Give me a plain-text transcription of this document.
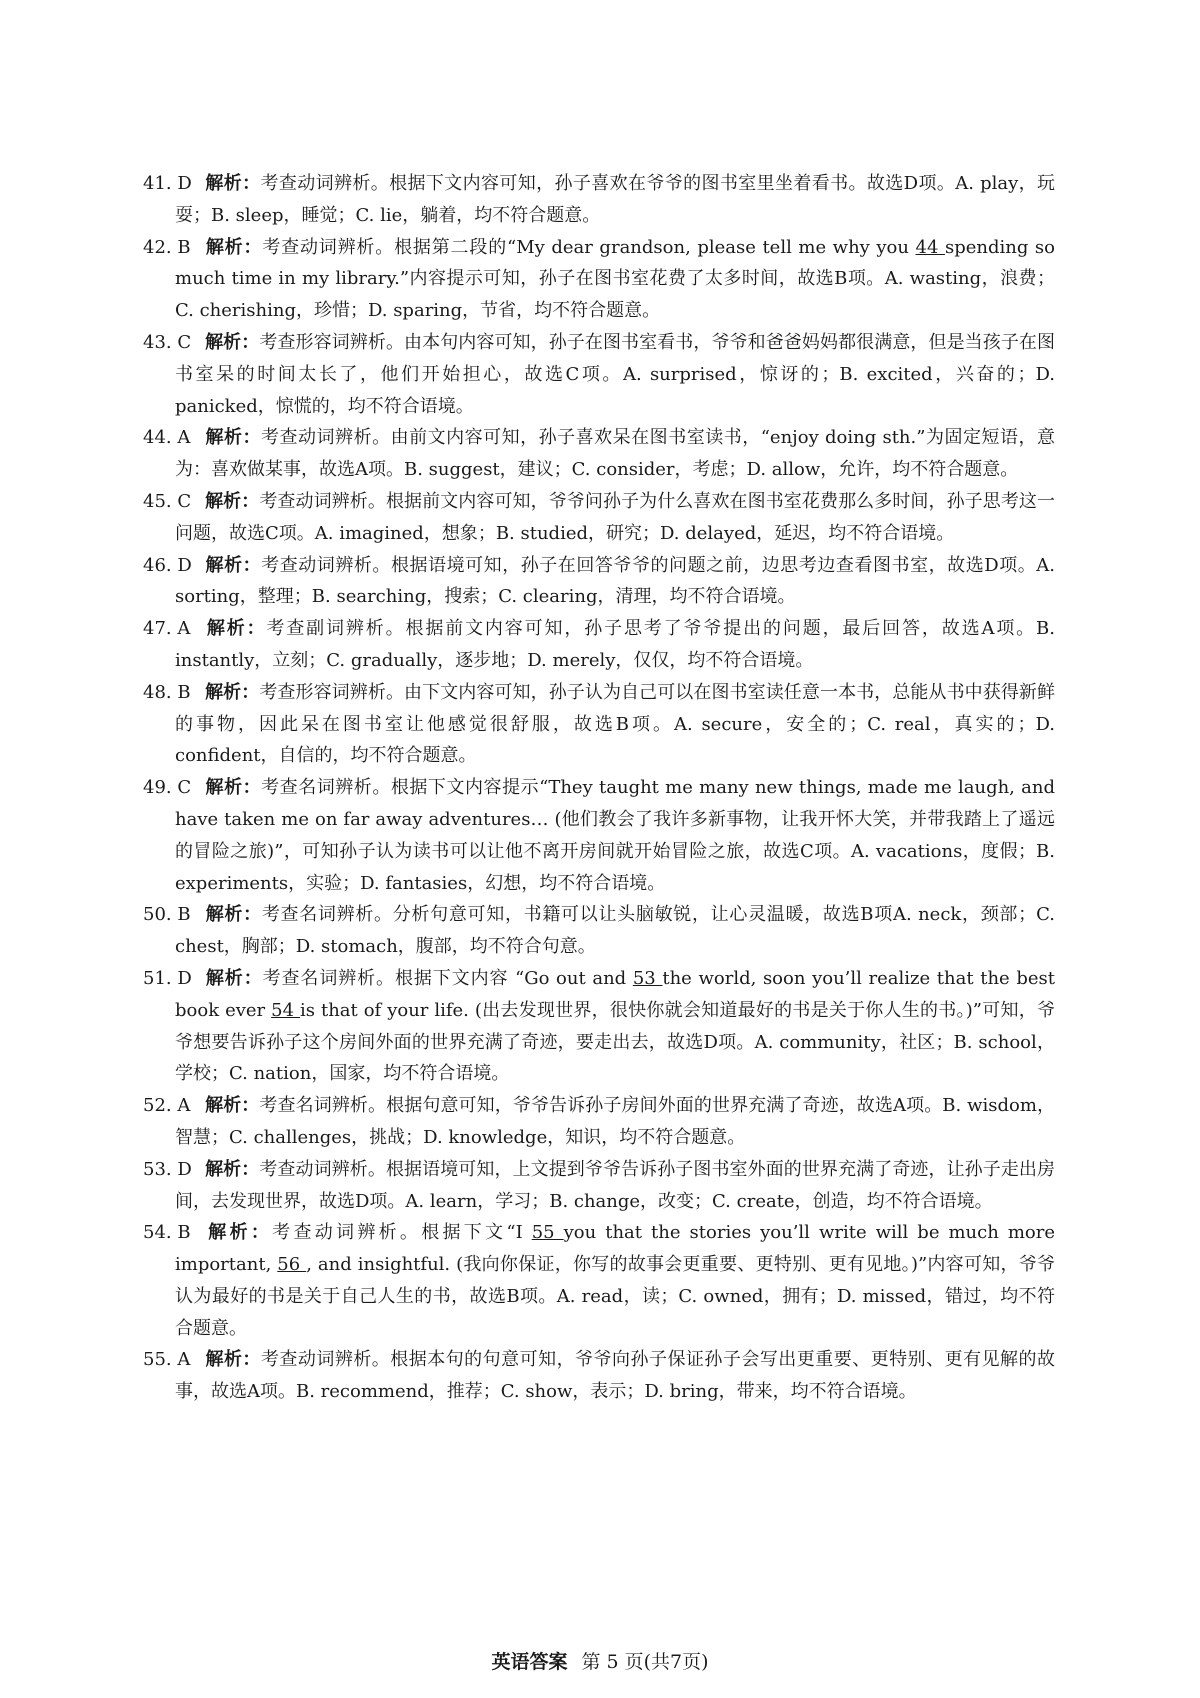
41. D 解析：考查动词辨析。根据下文内容可知，孙子喜欢在爷爷的图书室里坐着看书。故选D项。A. play，玩耍；B. sleep，睡觉；C. lie，躺着，均不符合题意。
42. B 解析：考查动词辨析。根据第二段的“My dear grandson, please tell me why you 44 spending so much time in my library.”内容提示可知，孙子在图书室花费了太多时间，故选B项。A. wasting，浪费；C. cherishing，珍惜；D. sparing，节省，均不符合题意。
43. C 解析：考查形容词辨析。由本句内容可知，孙子在图书室看书，爷爷和爸爸妈妈都很满意，但是当孩子在图书室呆的时间太长了，他们开始担心，故选C项。A. surprised，惊讶的；B. excited，兴奋的；D. panicked，惊慌的，均不符合语境。
44. A 解析：考查动词辨析。由前文内容可知，孙子喜欢呆在图书室读书，“enjoy doing sth.”为固定短语，意为：喜欢做某事，故选A项。B. suggest，建议；C. consider，考虑；D. allow，允许，均不符合题意。
45. C 解析：考查动词辨析。根据前文内容可知，爷爷问孙子为什么喜欢在图书室花费那么多时间，孙子思考这一问题，故选C项。A. imagined，想象；B. studied，研究；D. delayed，延迟，均不符合语境。
46. D 解析：考查动词辨析。根据语境可知，孙子在回答爷爷的问题之前，边思考边查看图书室，故选D项。A. sorting，整理；B. searching，搜索；C. clearing，清理，均不符合语境。
47. A 解析：考查副词辨析。根据前文内容可知，孙子思考了爷爷提出的问题，最后回答，故选A项。B. instantly，立刻；C. gradually，逐步地；D. merely，仅仅，均不符合语境。
48. B 解析：考查形容词辨析。由下文内容可知，孙子认为自己可以在图书室读任意一本书，总能从书中获得新鲜的事物，因此呆在图书室让他感觉很舒服，故选B项。A. secure，安全的；C. real，真实的；D. confident，自信的，均不符合题意。
49. C 解析：考查名词辨析。根据下文内容提示“They taught me many new things, made me laugh, and have taken me on far away adventures… (他们教会了我许多新事物，让我开怀大笑，并带我踏上了遥远的冒险之旅)”，可知孙子认为读书可以让他不离开房间就开始冒险之旅，故选C项。A. vacations，度假；B. experiments，实验；D. fantasies，幻想，均不符合语境。
50. B 解析：考查名词辨析。分析句意可知，书籍可以让头脑敏锐，让心灵温暖，故选B项A. neck，颈部；C. chest，胸部；D. stomach，腹部，均不符合句意。
51. D 解析：考查名词辨析。根据下文内容 “Go out and 53 the world, soon you’ll realize that the best book ever 54 is that of your life. (出去发现世界，很快你就会知道最好的书是关于你人生的书。)”可知，爷爷想要告诉孙子这个房间外面的世界充满了奇迹，要走出去，故选D项。A. community，社区；B. school，学校；C. nation，国家，均不符合语境。
52. A 解析：考查名词辨析。根据句意可知，爷爷告诉孙子房间外面的世界充满了奇迹，故选A项。B. wisdom，智慧；C. challenges，挑战；D. knowledge，知识，均不符合题意。
53. D 解析：考查动词辨析。根据语境可知，上文提到爷爷告诉孙子图书室外面的世界充满了奇迹，让孙子走出房间，去发现世界，故选D项。A. learn，学习；B. change，改变；C. create，创造，均不符合语境。
54. B 解析：考查动词辨析。根据下文“I 55 you that the stories you’ll write will be much more important, 56 , and insightful. (我向你保证，你写的故事会更重要、更特别、更有见地。)”内容可知，爷爷认为最好的书是关于自己人生的书，故选B项。A. read，读；C. owned，拥有；D. missed，错过，均不符合题意。
55. A 解析：考查动词辨析。根据本句的句意可知，爷爷向孙子保证孙子会写出更重要、更特别、更有见解的故事，故选A项。B. recommend，推荐；C. show，表示；D. bring，带来，均不符合语境。
英语答案 第 5 页(共7页)
